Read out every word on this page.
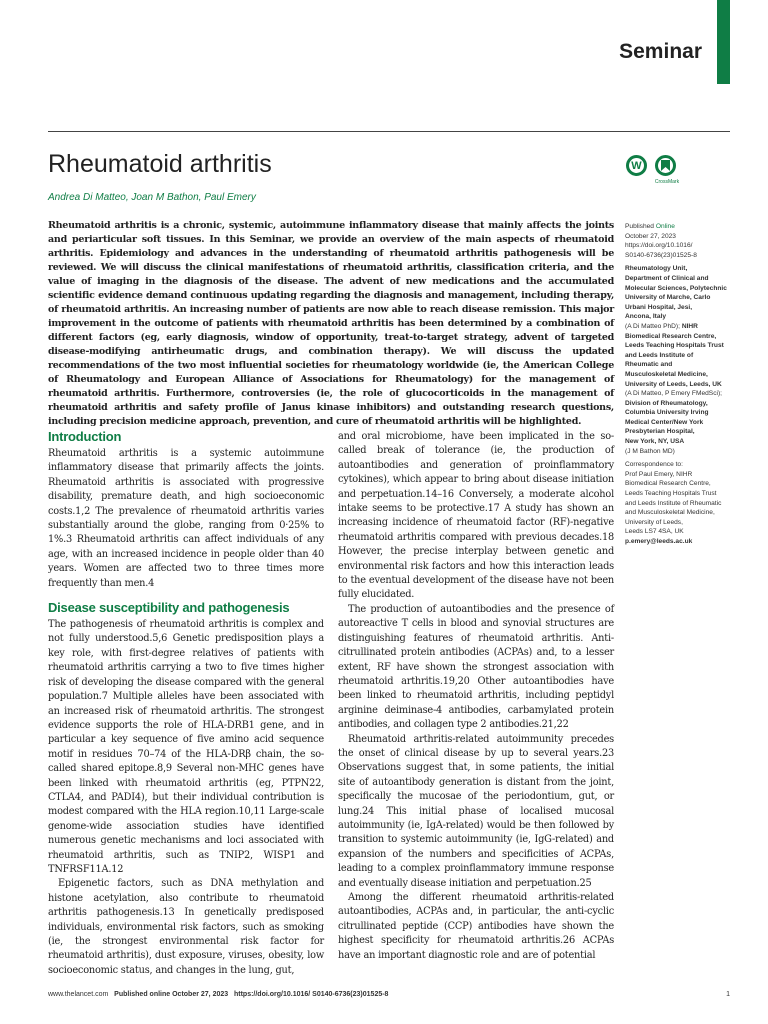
Seminar
Rheumatoid arthritis
Andrea Di Matteo, Joan M Bathon, Paul Emery
W
CrossMark

Rheumatoid arthritis is a chronic, systemic, autoimmune inflammatory disease that mainly affects the joints and periarticular soft tissues. In this Seminar, we provide an overview of the main aspects of rheumatoid arthritis. Epidemiology and advances in the understanding of rheumatoid arthritis pathogenesis will be reviewed. We will discuss the clinical manifestations of rheumatoid arthritis, classification criteria, and the value of imaging in the diagnosis of the disease. The advent of new medications and the accumulated scientific evidence demand continuous updating regarding the diagnosis and management, including therapy, of rheumatoid arthritis. An increasing number of patients are now able to reach disease remission. This major improvement in the outcome of patients with rheumatoid arthritis has been determined by a combination of different factors (eg, early diagnosis, window of opportunity, treat-to-target strategy, advent of targeted disease-modifying antirheumatic drugs, and combination therapy). We will discuss the updated recommendations of the two most influential societies for rheumatology worldwide (ie, the American College of Rheumatology and European Alliance of Associations for Rheumatology) for the management of rheumatoid arthritis. Furthermore, controversies (ie, the role of glucocorticoids in the management of rheumatoid arthritis and safety profile of Janus kinase inhibitors) and outstanding research questions, including precision medicine approach, prevention, and cure of rheumatoid arthritis will be highlighted.

Introduction

Rheumatoid arthritis is a systemic autoimmune inflammatory disease that primarily affects the joints. Rheumatoid arthritis is associated with progressive disability, premature death, and high socioeconomic costs.1,2 The prevalence of rheumatoid arthritis varies substantially around the globe, ranging from 0·25% to 1%.3 Rheumatoid arthritis can affect individuals of any age, with an increased incidence in people older than 40 years. Women are affected two to three times more frequently than men.4

Disease susceptibility and pathogenesis

The pathogenesis of rheumatoid arthritis is complex and not fully understood.5,6 Genetic predisposition plays a key role, with first-degree relatives of patients with rheumatoid arthritis carrying a two to five times higher risk of developing the disease compared with the general population.7 Multiple alleles have been associated with an increased risk of rheumatoid arthritis. The strongest evidence supports the role of HLA-DRB1 gene, and in particular a key sequence of five amino acid sequence motif in residues 70–74 of the HLA-DRβ chain, the so-called shared epitope.8,9 Several non-MHC genes have been linked with rheumatoid arthritis (eg, PTPN22, CTLA4, and PADI4), but their individual contribution is modest compared with the HLA region.10,11 Large-scale genome-wide association studies have identified numerous genetic mechanisms and loci associated with rheumatoid arthritis, such as TNIP2, WISP1 and TNFRSF11A.12

Epigenetic factors, such as DNA methylation and histone acetylation, also contribute to rheumatoid arthritis pathogenesis.13 In genetically predisposed individuals, environmental risk factors, such as smoking (ie, the strongest environmental risk factor for rheumatoid arthritis), dust exposure, viruses, obesity, low socioeconomic status, and changes in the lung, gut,

and oral microbiome, have been implicated in the so-called break of tolerance (ie, the production of autoantibodies and generation of proinflammatory cytokines), which appear to bring about disease initiation and perpetuation.14–16 Conversely, a moderate alcohol intake seems to be protective.17 A study has shown an increasing incidence of rheumatoid factor (RF)-negative rheumatoid arthritis compared with previous decades.18 However, the precise interplay between genetic and environmental risk factors and how this interaction leads to the eventual development of the disease have not been fully elucidated.

The production of autoantibodies and the presence of autoreactive T cells in blood and synovial structures are distinguishing features of rheumatoid arthritis. Anti-citrullinated protein antibodies (ACPAs) and, to a lesser extent, RF have shown the strongest association with rheumatoid arthritis.19,20 Other autoantibodies have been linked to rheumatoid arthritis, including peptidyl arginine deiminase-4 antibodies, carbamylated protein antibodies, and collagen type 2 antibodies.21,22

Rheumatoid arthritis-related autoimmunity precedes the onset of clinical disease by up to several years.23 Observations suggest that, in some patients, the initial site of autoantibody generation is distant from the joint, specifically the mucosae of the periodontium, gut, or lung.24 This initial phase of localised mucosal autoimmunity (ie, IgA-related) would be then followed by transition to systemic autoimmunity (ie, IgG-related) and expansion of the numbers and specificities of ACPAs, leading to a complex proinflammatory immune response and eventually disease initiation and perpetuation.25

Among the different rheumatoid arthritis-related autoantibodies, ACPAs and, in particular, the anti-cyclic citrullinated peptide (CCP) antibodies have shown the highest specificity for rheumatoid arthritis.26 ACPAs have an important diagnostic role and are of potential

Published Online
October 27, 2023
https://doi.org/10.1016/
S0140-6736(23)01525-8
Rheumatology Unit,
Department of Clinical and
Molecular Sciences, Polytechnic
University of Marche, Carlo
Urbani Hospital, Jesi,
Ancona, Italy
(A Di Matteo PhD); NIHR
Biomedical Research Centre,
Leeds Teaching Hospitals Trust
and Leeds Institute of
Rheumatic and
Musculoskeletal Medicine,
University of Leeds, Leeds, UK
(A Di Matteo, P Emery FMedSci);
Division of Rheumatology,
Columbia University Irving
Medical Center/New York
Presbyterian Hospital,
New York, NY, USA
(J M Bathon MD)
Correspondence to:
Prof Paul Emery, NIHR
Biomedical Research Centre,
Leeds Teaching Hospitals Trust
and Leeds Institute of Rheumatic
and Musculoskeletal Medicine,
University of Leeds,
Leeds LS7 4SA, UK
p.emery@leeds.ac.uk
www.thelancet.com Published online October 27, 2023 https://doi.org/10.1016/ S0140-6736(23)01525-8	1
